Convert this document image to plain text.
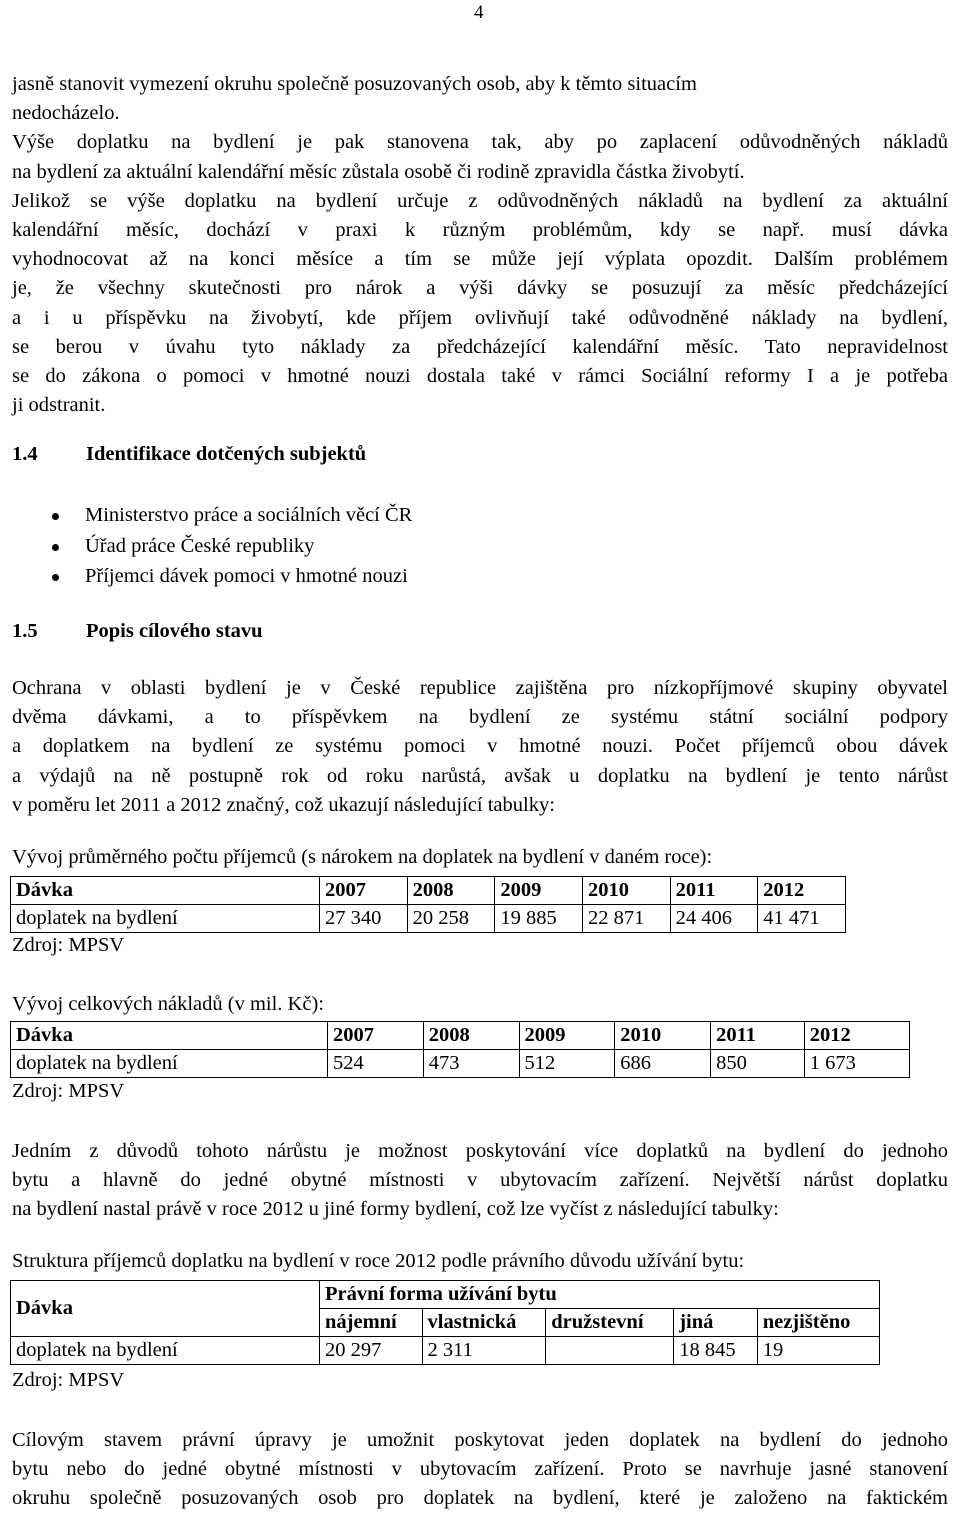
4
jasně stanovit vymezení okruhu společně posuzovaných osob, aby k těmto situacím
nedocházelo.
Výše doplatku na bydlení je pak stanovena tak, aby po zaplacení odůvodněných nákladů
na bydlení za aktuální kalendářní měsíc zůstala osobě či rodině zpravidla částka živobytí.
Jelikož se výše doplatku na bydlení určuje z odůvodněných nákladů na bydlení za aktuální
kalendářní měsíc, dochází v praxi k různým problémům, kdy se např. musí dávka
vyhodnocovat až na konci měsíce a tím se může její výplata opozdit. Dalším problémem
je, že všechny skutečnosti pro nárok a výši dávky se posuzují za měsíc předcházející
a i u příspěvku na živobytí, kde příjem ovlivňují také odůvodněné náklady na bydlení,
se berou v úvahu tyto náklady za předcházející kalendářní měsíc. Tato nepravidelnost
se do zákona o pomoci v hmotné nouzi dostala také v rámci Sociální reformy I a je potřeba
ji odstranit.
1.4 Identifikace dotčených subjektů
Ministerstvo práce a sociálních věcí ČR
Úřad práce České republiky
Příjemci dávek pomoci v hmotné nouzi
1.5 Popis cílového stavu
Ochrana v oblasti bydlení je v České republice zajištěna pro nízkopříjmové skupiny obyvatel
dvěma dávkami, a to příspěvkem na bydlení ze systému státní sociální podpory
a doplatkem na bydlení ze systému pomoci v hmotné nouzi. Počet příjemců obou dávek
a výdajů na ně postupně rok od roku narůstá, avšak u doplatku na bydlení je tento nárůst
v poměru let 2011 a 2012 značný, což ukazují následující tabulky:
Vývoj průměrného počtu příjemců (s nárokem na doplatek na bydlení v daném roce):
Dávka	2007	2008	2009	2010	2011	2012
doplatek na bydlení	27 340	20 258	19 885	22 871	24 406	41 471
Zdroj: MPSV
Vývoj celkových nákladů (v mil. Kč):
Dávka	2007	2008	2009	2010	2011	2012
doplatek na bydlení	524	473	512	686	850	1 673
Zdroj: MPSV
Jedním z důvodů tohoto nárůstu je možnost poskytování více doplatků na bydlení do jednoho
bytu a hlavně do jedné obytné místnosti v ubytovacím zařízení. Největší nárůst doplatku
na bydlení nastal právě v roce 2012 u jiné formy bydlení, což lze vyčíst z následující tabulky:
Struktura příjemců doplatku na bydlení v roce 2012 podle právního důvodu užívání bytu:
Dávka	Právní forma užívání bytu				
	nájemní	vlastnická	družstevní	jiná	nezjištěno
doplatek na bydlení	20 297	2 311		18 845	19
Zdroj: MPSV
Cílovým stavem právní úpravy je umožnit poskytovat jeden doplatek na bydlení do jednoho
bytu nebo do jedné obytné místnosti v ubytovacím zařízení. Proto se navrhuje jasné stanovení
okruhu společně posuzovaných osob pro doplatek na bydlení, které je založeno na faktickém
